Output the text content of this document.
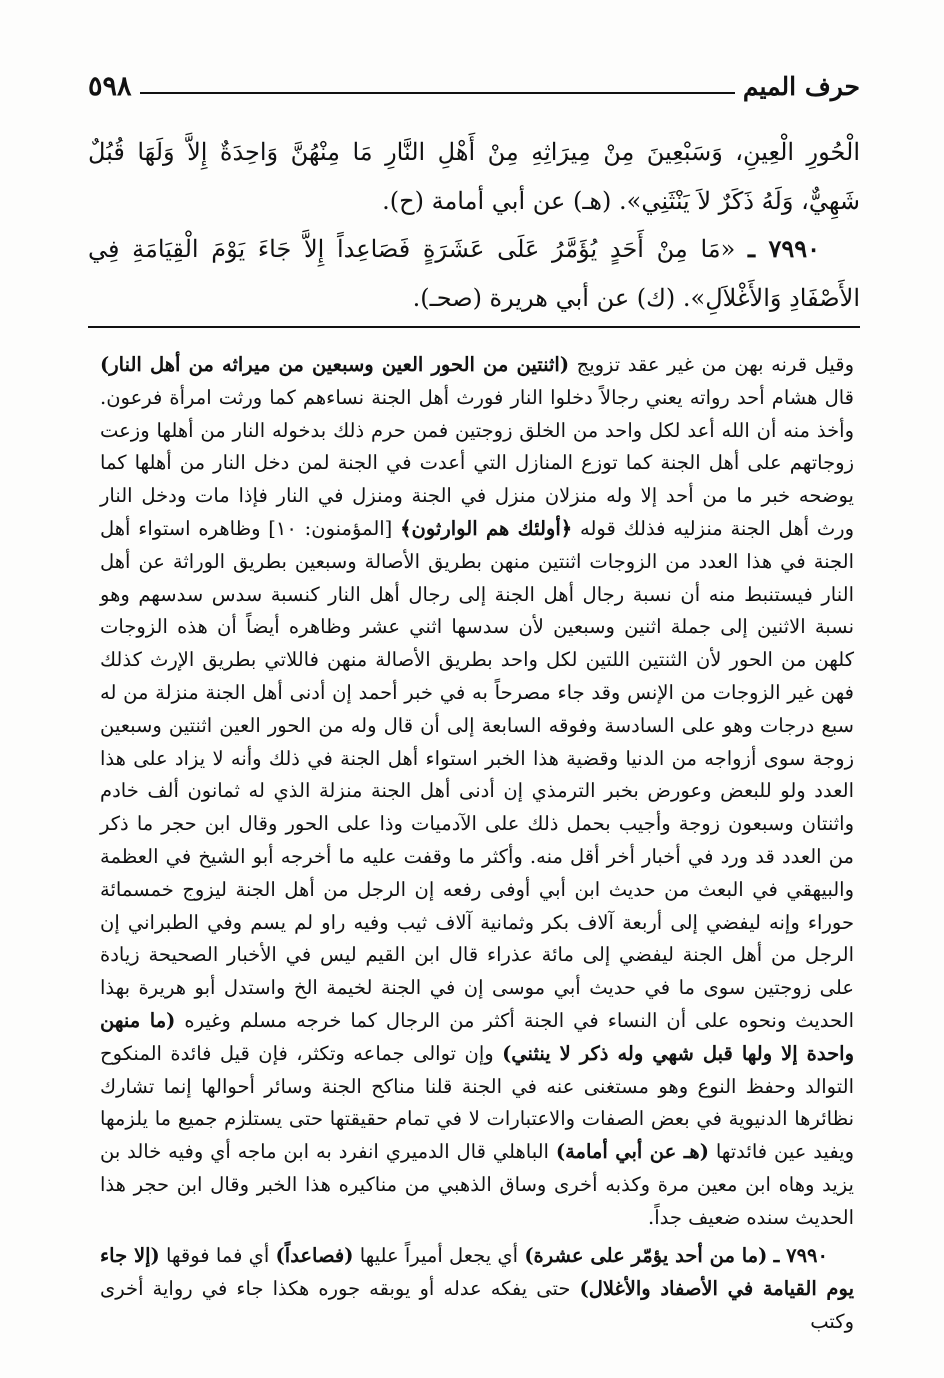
حرف الميم
٥٩٨
الْحُورِ الْعِينِ، وَسَبْعِينَ مِنْ مِيرَاثِهِ مِنْ أَهْلِ النَّارِ مَا مِنْهُنَّ وَاحِدَةٌ إِلاَّ وَلَهَا قُبُلٌ شَهِيٌّ، وَلَهُ ذَكَرٌ لاَ يَنْثَنِي». (هـ) عن أبي أمامة (ح).
٧٩٩٠ ـ «مَا مِنْ أَحَدٍ يُؤَمَّرُ عَلَى عَشَرَةٍ فَصَاعِداً إِلاَّ جَاءَ يَوْمَ الْقِيَامَةِ فِي الأَصْفَادِ وَالأَغْلاَلِ». (ك) عن أبي هريرة (صحـ).
وقيل قرنه بهن من غير عقد تزويج (اثنتين من الحور العين وسبعين من ميراثه من أهل النار) قال هشام أحد رواته يعني رجالاً دخلوا النار فورث أهل الجنة نساءهم كما ورثت امرأة فرعون. وأخذ منه أن الله أعد لكل واحد من الخلق زوجتين فمن حرم ذلك بدخوله النار من أهلها وزعت زوجاتهم على أهل الجنة كما توزع المنازل التي أعدت في الجنة لمن دخل النار من أهلها كما يوضحه خبر ما من أحد إلا وله منزلان منزل في الجنة ومنزل في النار فإذا مات ودخل النار ورث أهل الجنة منزليه فذلك قوله ﴿أولئك هم الوارثون﴾ [المؤمنون: ١٠] وظاهره استواء أهل الجنة في هذا العدد من الزوجات اثنتين منهن بطريق الأصالة وسبعين بطريق الوراثة عن أهل النار فيستنبط منه أن نسبة رجال أهل الجنة إلى رجال أهل النار كنسبة سدس سدسهم وهو نسبة الاثنين إلى جملة اثنين وسبعين لأن سدسها اثني عشر وظاهره أيضاً أن هذه الزوجات كلهن من الحور لأن الثنتين اللتين لكل واحد بطريق الأصالة منهن فاللاتي بطريق الإرث كذلك فهن غير الزوجات من الإنس وقد جاء مصرحاً به في خبر أحمد إن أدنى أهل الجنة منزلة من له سبع درجات وهو على السادسة وفوقه السابعة إلى أن قال وله من الحور العين اثنتين وسبعين زوجة سوى أزواجه من الدنيا وقضية هذا الخبر استواء أهل الجنة في ذلك وأنه لا يزاد على هذا العدد ولو للبعض وعورض بخبر الترمذي إن أدنى أهل الجنة منزلة الذي له ثمانون ألف خادم واثنتان وسبعون زوجة وأجيب بحمل ذلك على الآدميات وذا على الحور وقال ابن حجر ما ذكر من العدد قد ورد في أخبار أخر أقل منه. وأكثر ما وقفت عليه ما أخرجه أبو الشيخ في العظمة والبيهقي في البعث من حديث ابن أبي أوفى رفعه إن الرجل من أهل الجنة ليزوج خمسمائة حوراء وإنه ليفضي إلى أربعة آلاف بكر وثمانية آلاف ثيب وفيه راو لم يسم وفي الطبراني إن الرجل من أهل الجنة ليفضي إلى مائة عذراء قال ابن القيم ليس في الأخبار الصحيحة زيادة على زوجتين سوى ما في حديث أبي موسى إن في الجنة لخيمة الخ واستدل أبو هريرة بهذا الحديث ونحوه على أن النساء في الجنة أكثر من الرجال كما خرجه مسلم وغيره (ما منهن واحدة إلا ولها قبل شهي وله ذكر لا ينثني) وإن توالى جماعه وتكثر، فإن قيل فائدة المنكوح التوالد وحفظ النوع وهو مستغنى عنه في الجنة قلنا مناكح الجنة وسائر أحوالها إنما تشارك نظائرها الدنيوية في بعض الصفات والاعتبارات لا في تمام حقيقتها حتى يستلزم جميع ما يلزمها ويفيد عين فائدتها (هـ عن أبي أمامة) الباهلي قال الدميري انفرد به ابن ماجه أي وفيه خالد بن يزيد وهاه ابن معين مرة وكذبه أخرى وساق الذهبي من مناكيره هذا الخبر وقال ابن حجر هذا الحديث سنده ضعيف جداً.
٧٩٩٠ ـ (ما من أحد يؤمّر على عشرة) أي يجعل أميراً عليها (فصاعداً) أي فما فوقها (إلا جاء يوم القيامة في الأصفاد والأغلال) حتى يفكه عدله أو يوبقه جوره هكذا جاء في رواية أخرى وكتب
